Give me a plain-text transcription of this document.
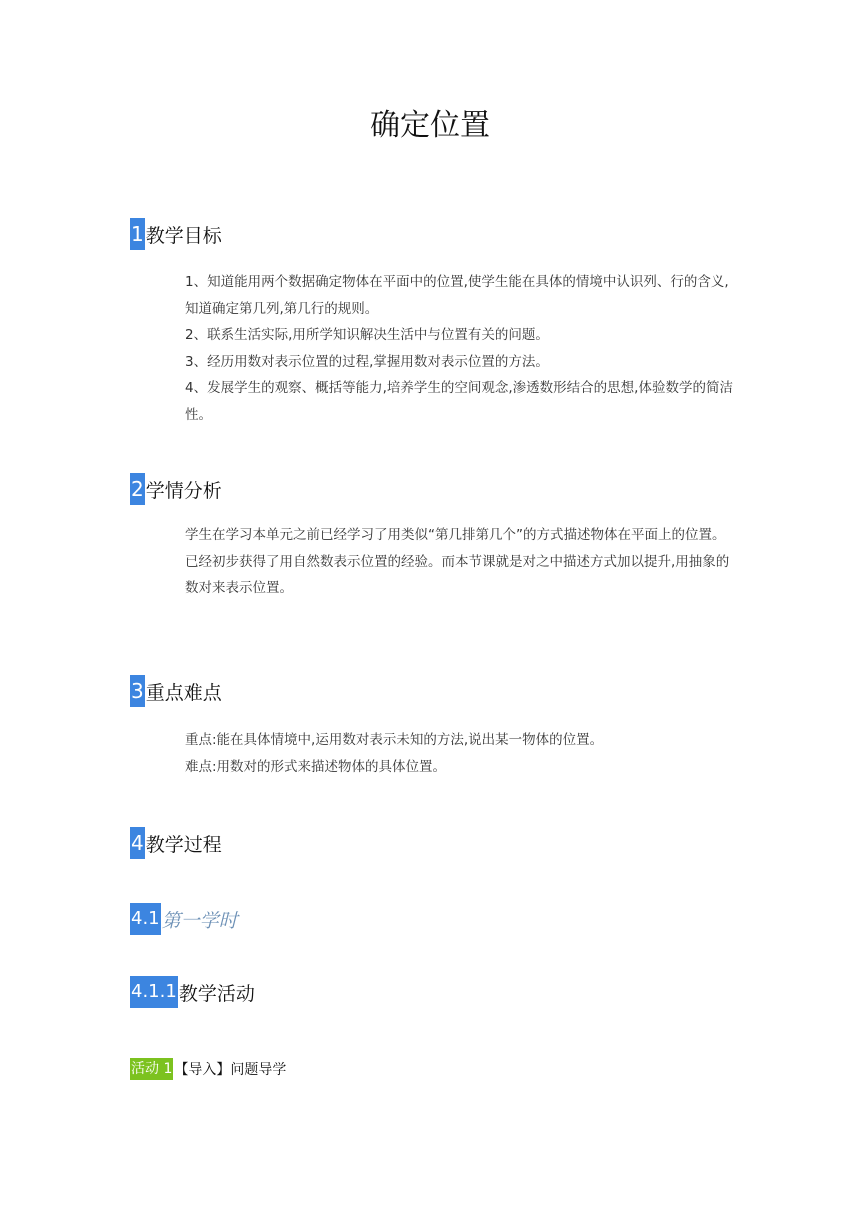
确定位置
1 教学目标

1、知道能用两个数据确定物体在平面中的位置,使学生能在具体的情境中认识列、行的含义,知道确定第几列,第几行的规则。

2、联系生活实际,用所学知识解决生活中与位置有关的问题。

3、经历用数对表示位置的过程,掌握用数对表示位置的方法。

4、发展学生的观察、概括等能力,培养学生的空间观念,渗透数形结合的思想,体验数学的简洁性。

2 学情分析

学生在学习本单元之前已经学习了用类似“第几排第几个”的方式描述物体在平面上的位置。已经初步获得了用自然数表示位置的经验。而本节课就是对之中描述方式加以提升,用抽象的数对来表示位置。

3 重点难点

重点:能在具体情境中,运用数对表示未知的方法,说出某一物体的位置。

难点:用数对的形式来描述物体的具体位置。

4 教学过程
4.1 第一学时
4.1.1 教学活动
活动 1 【导入】问题导学
